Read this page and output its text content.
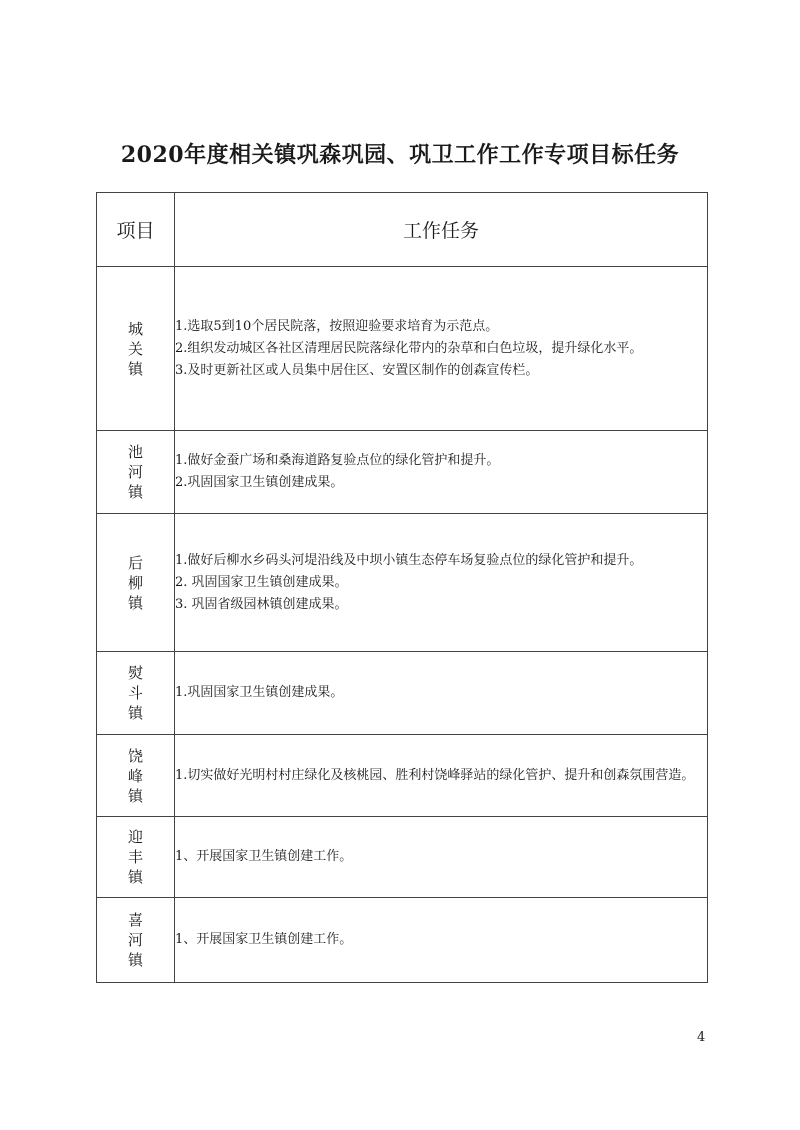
2020年度相关镇巩森巩园、巩卫工作工作专项目标任务
项目	工作任务
城关镇	1.选取5到10个居民院落，按照迎验要求培育为示范点。
2.组织发动城区各社区清理居民院落绿化带内的杂草和白色垃圾，提升绿化水平。
3.及时更新社区或人员集中居住区、安置区制作的创森宣传栏。

池河镇	1.做好金蚕广场和桑海道路复验点位的绿化管护和提升。
2.巩固国家卫生镇创建成果。

后柳镇	1.做好后柳水乡码头河堤沿线及中坝小镇生态停车场复验点位的绿化管护和提升。
2. 巩固国家卫生镇创建成果。
3. 巩固省级园林镇创建成果。

熨斗镇	1.巩固国家卫生镇创建成果。

饶峰镇	1.切实做好光明村村庄绿化及核桃园、胜利村饶峰驿站的绿化管护、提升和创森氛围营造。

迎丰镇	1、开展国家卫生镇创建工作。

喜河镇	1、开展国家卫生镇创建工作。
4
